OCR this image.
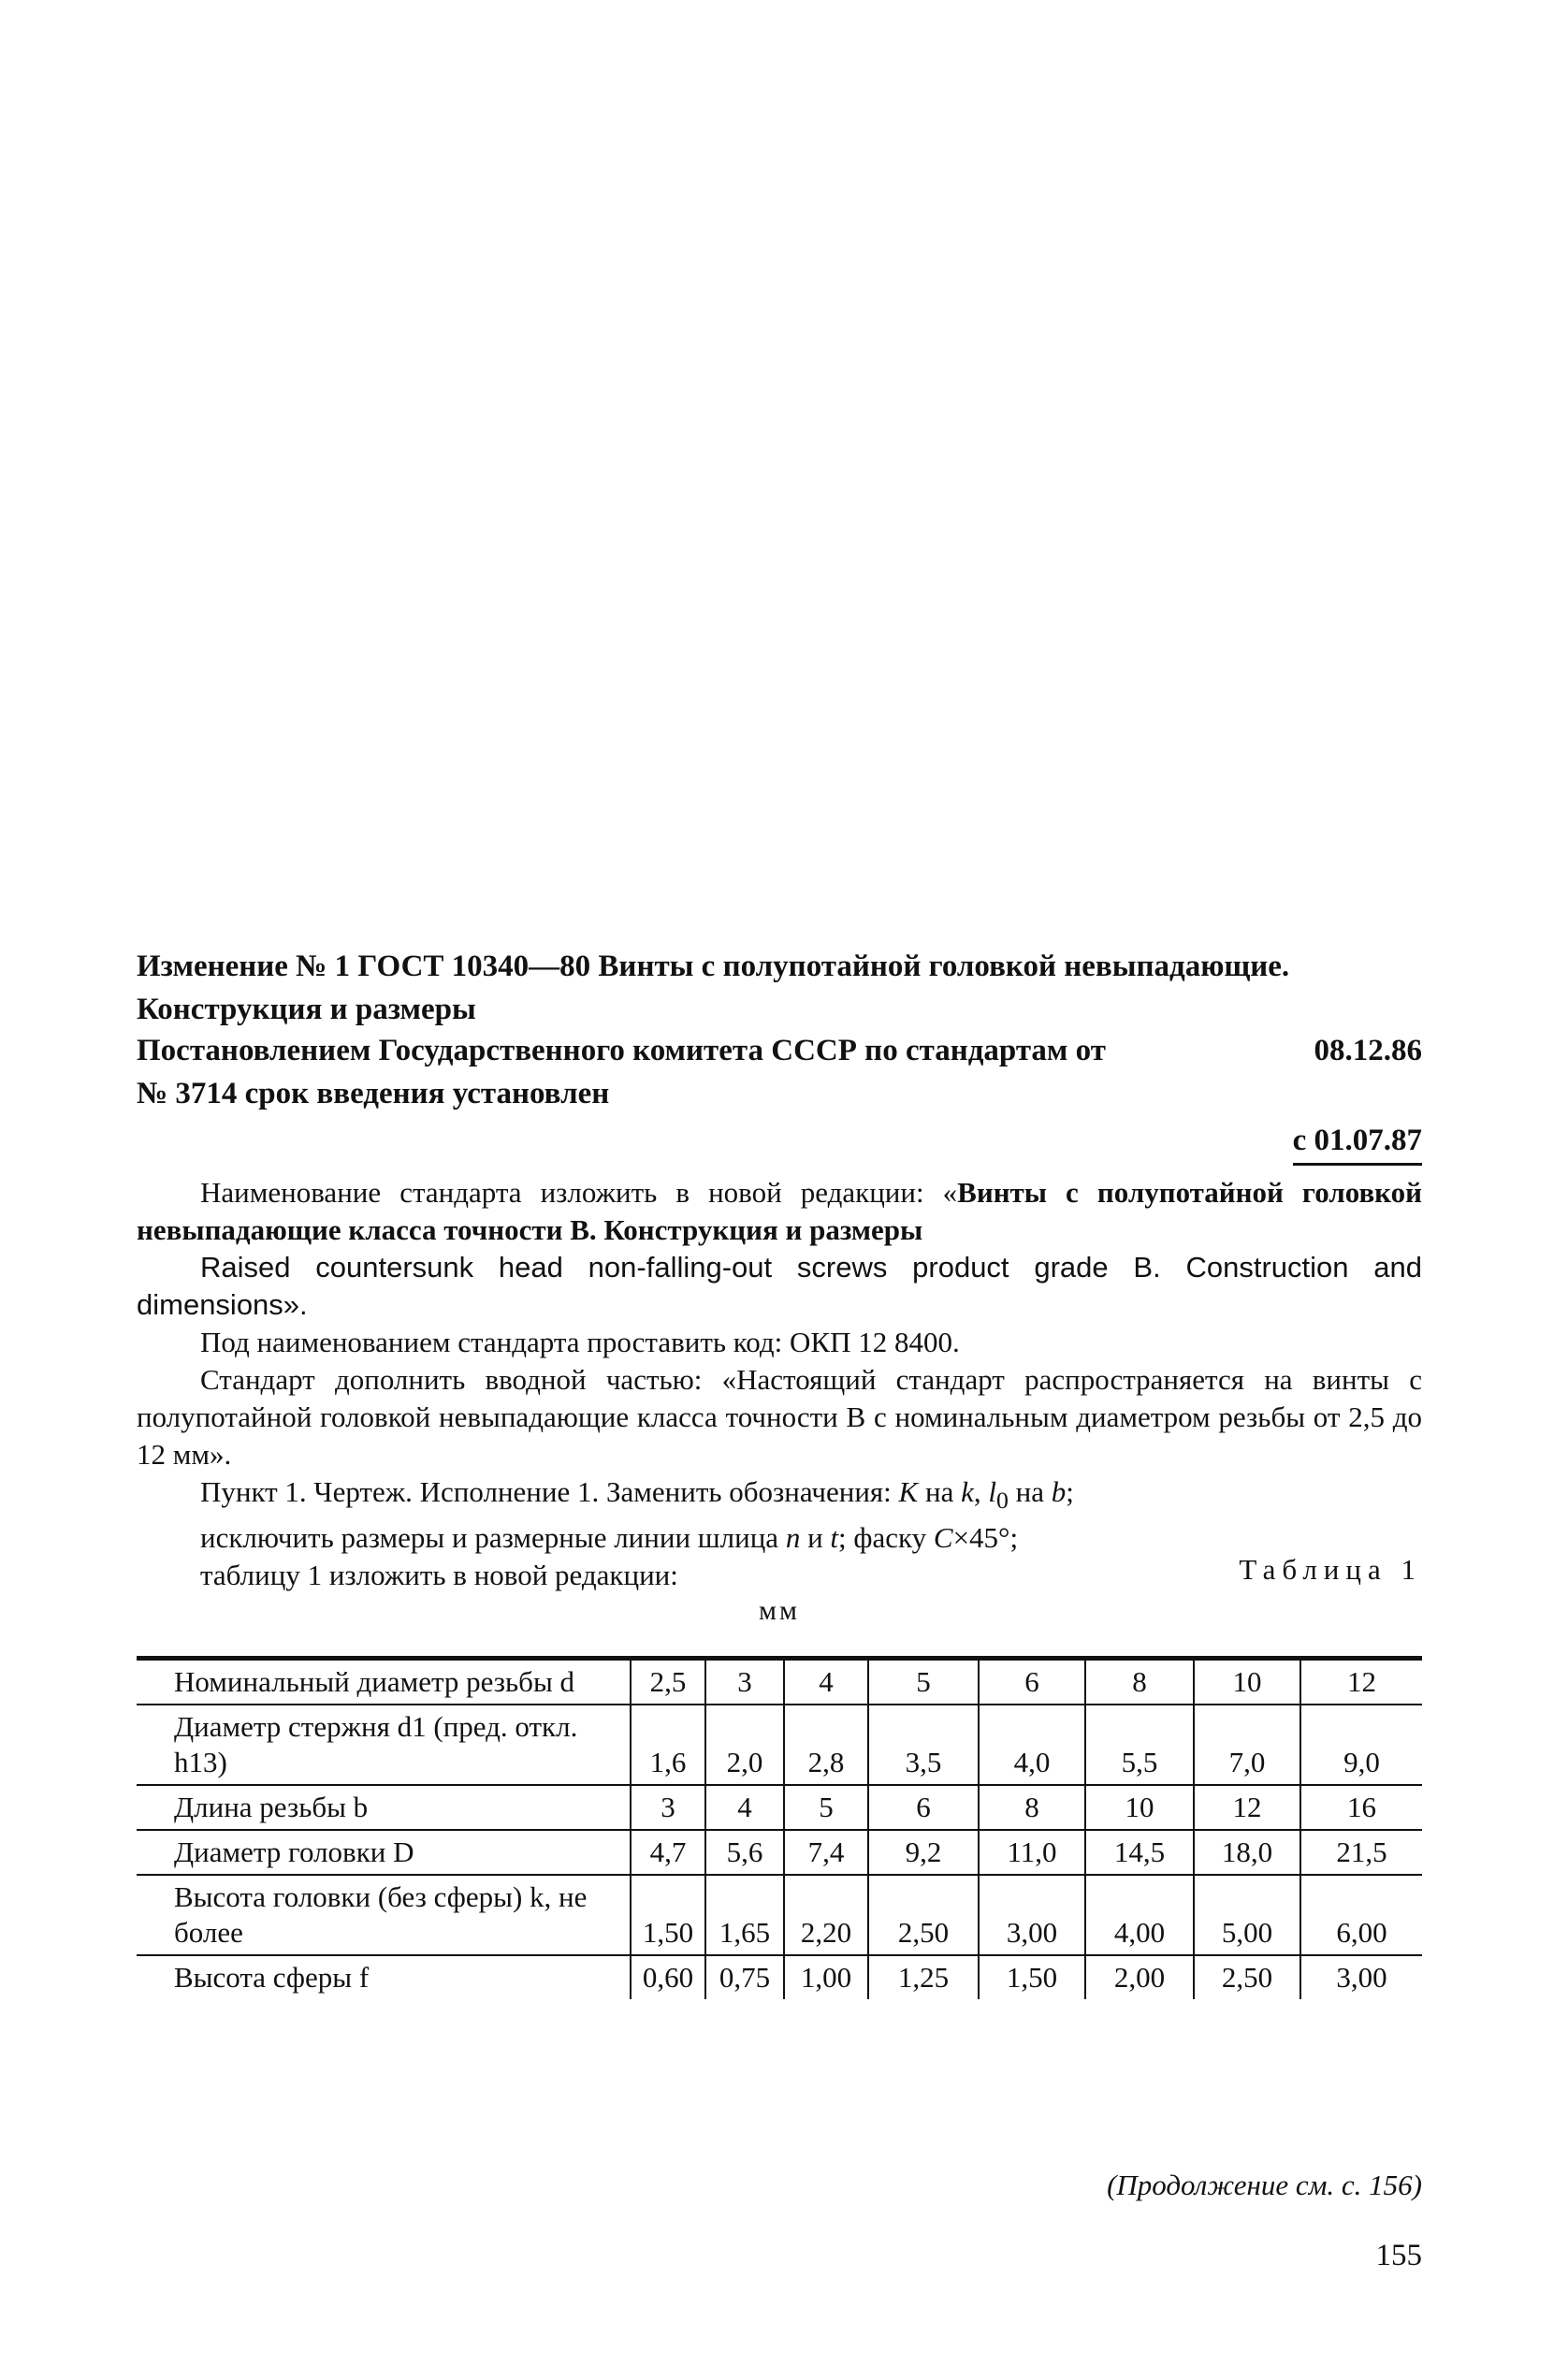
Изменение № 1 ГОСТ 10340—80 Винты с полупотайной головкой невыпадающие.

Конструкция и размеры

Постановлением Государственного комитета СССР по стандартам от	08.12.86
№ 3714 срок введения установлен
с 01.07.87

Наименование стандарта изложить в новой редакции: «Винты с полупотайной головкой невыпадающие класса точности B. Конструкция и размеры

Raised countersunk head non-falling-out screws product grade B. Construction and dimensions».

Под наименованием стандарта проставить код: ОКП 12 8400.

Стандарт дополнить вводной частью: «Настоящий стандарт распространяется на винты с полупотайной головкой невыпадающие класса точности В с номинальным диаметром резьбы от 2,5 до 12 мм».

Пункт 1. Чертеж. Исполнение 1. Заменить обозначения: K на k, $l_0$ на b;
исключить размеры и размерные линии шлица n и t; фаску C×45°;
таблицу 1 изложить в новой редакции:	Таблица 1
мм
Номинальный диаметр резьбы d	2,5	3	4	5	6	8	10	12
Диаметр стержня d1 (пред. откл. h13)	1,6	2,0	2,8	3,5	4,0	5,5	7,0	9,0
Длина резьбы b	3	4	5	6	8	10	12	16
Диаметр головки D	4,7	5,6	7,4	9,2	11,0	14,5	18,0	21,5
Высота головки (без сферы) k, не более	1,50	1,65	2,20	2,50	3,00	4,00	5,00	6,00
Высота сферы f	0,60	0,75	1,00	1,25	1,50	2,00	2,50	3,00
(Продолжение см. с. 156)
155
